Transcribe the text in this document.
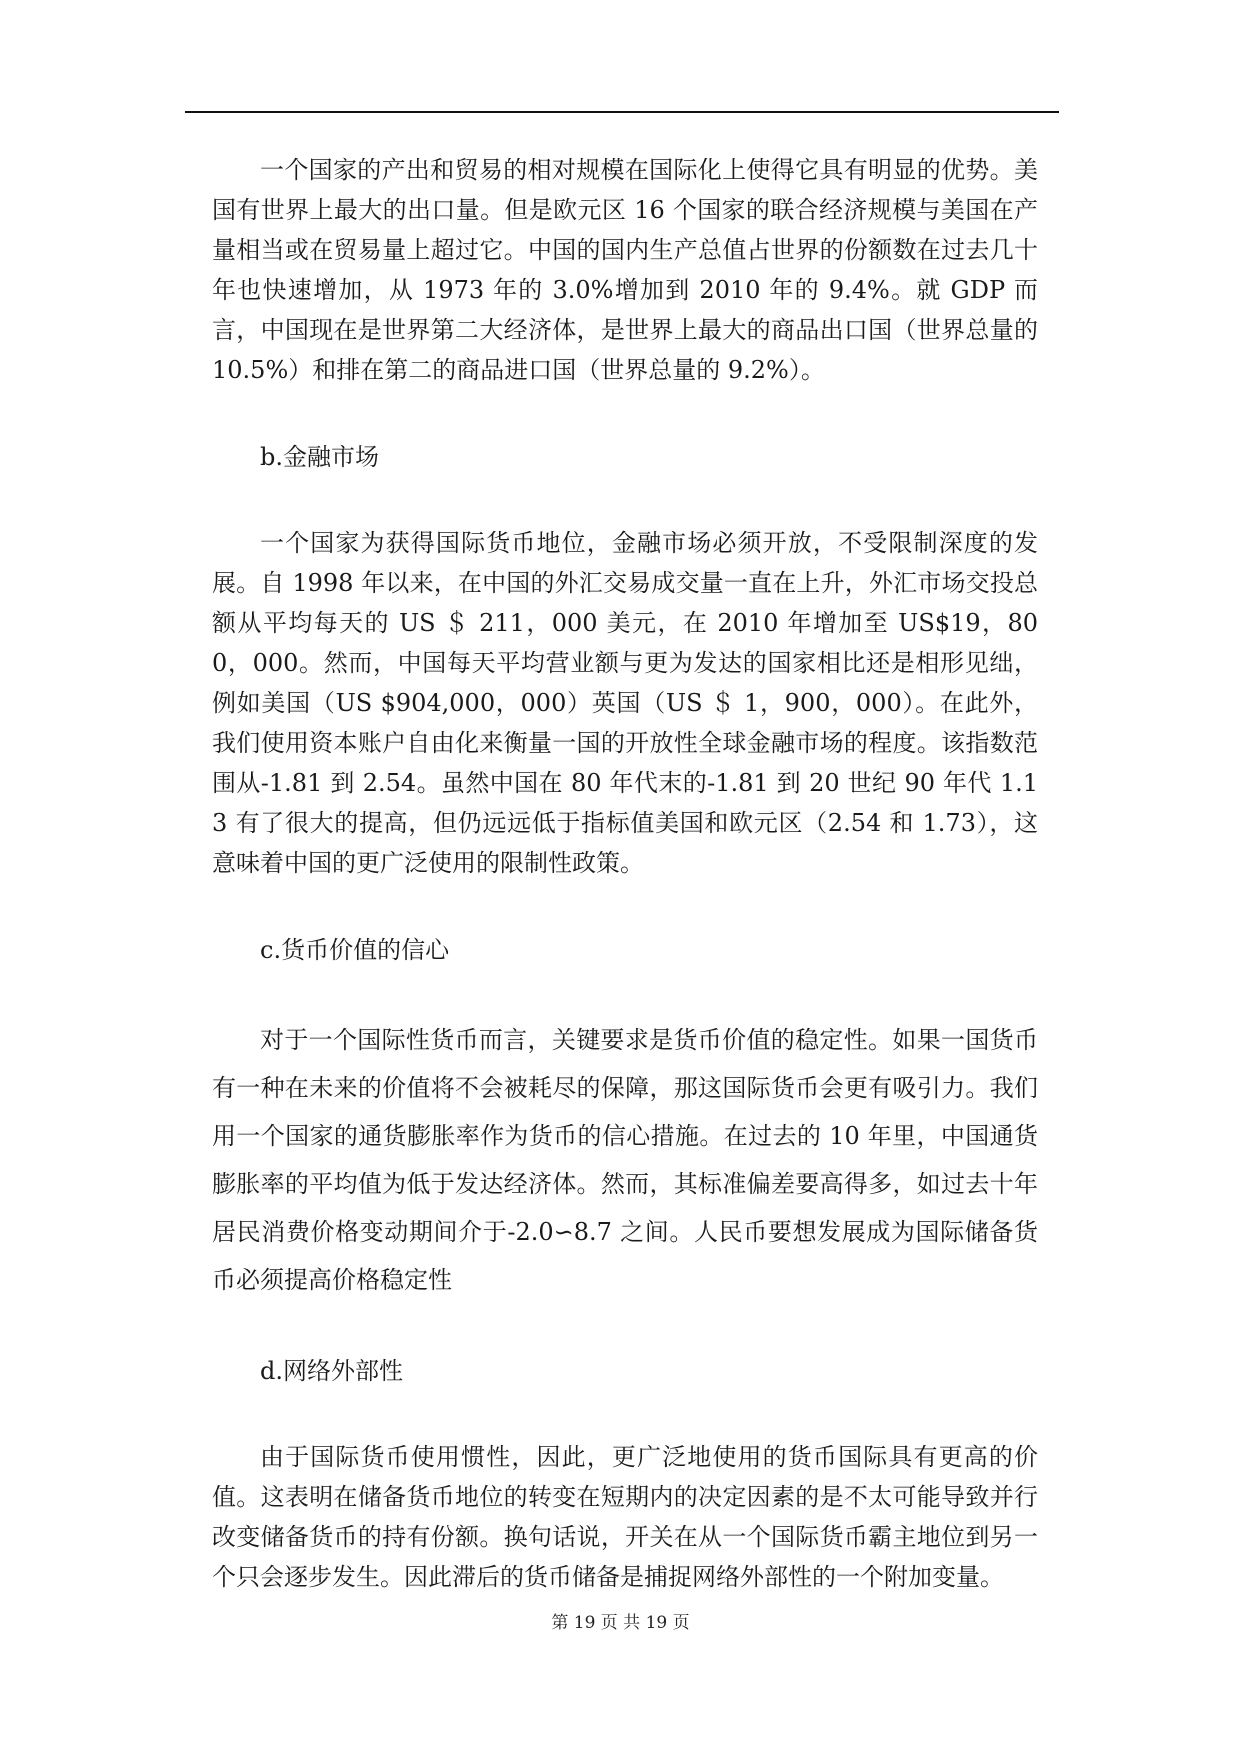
一个国家的产出和贸易的相对规模在国际化上使得它具有明显的优势。美国有世界上最大的出口量。但是欧元区 16 个国家的联合经济规模与美国在产量相当或在贸易量上超过它。中国的国内生产总值占世界的份额数在过去几十年也快速增加，从 1973 年的 3.0%增加到 2010 年的 9.4%。就 GDP 而言，中国现在是世界第二大经济体，是世界上最大的商品出口国（世界总量的 10.5%）和排在第二的商品进口国（世界总量的 9.2%）。

b.金融市场

一个国家为获得国际货币地位，金融市场必须开放，不受限制深度的发展。自 1998 年以来，在中国的外汇交易成交量一直在上升，外汇市场交投总额从平均每天的 US ＄ 211，000 美元，在 2010 年增加至 US$19，800，000。然而，中国每天平均营业额与更为发达的国家相比还是相形见绌，例如美国（US $904,000，000）英国（US ＄ 1，900，000）。在此外，我们使用资本账户自由化来衡量一国的开放性全球金融市场的程度。该指数范围从-1.81 到 2.54。虽然中国在 80 年代末的-1.81 到 20 世纪 90 年代 1.13 有了很大的提高，但仍远远低于指标值美国和欧元区（2.54 和 1.73），这意味着中国的更广泛使用的限制性政策。

c.货币价值的信心

对于一个国际性货币而言，关键要求是货币价值的稳定性。如果一国货币有一种在未来的价值将不会被耗尽的保障，那这国际货币会更有吸引力。我们用一个国家的通货膨胀率作为货币的信心措施。在过去的 10 年里，中国通货膨胀率的平均值为低于发达经济体。然而，其标准偏差要高得多，如过去十年居民消费价格变动期间介于-2.0∽8.7 之间。人民币要想发展成为国际储备货币必须提高价格稳定性

d.网络外部性

由于国际货币使用惯性，因此，更广泛地使用的货币国际具有更高的价值。这表明在储备货币地位的转变在短期内的决定因素的是不太可能导致并行改变储备货币的持有份额。换句话说，开关在从一个国际货币霸主地位到另一个只会逐步发生。因此滞后的货币储备是捕捉网络外部性的一个附加变量。

第 19 页 共 19 页
